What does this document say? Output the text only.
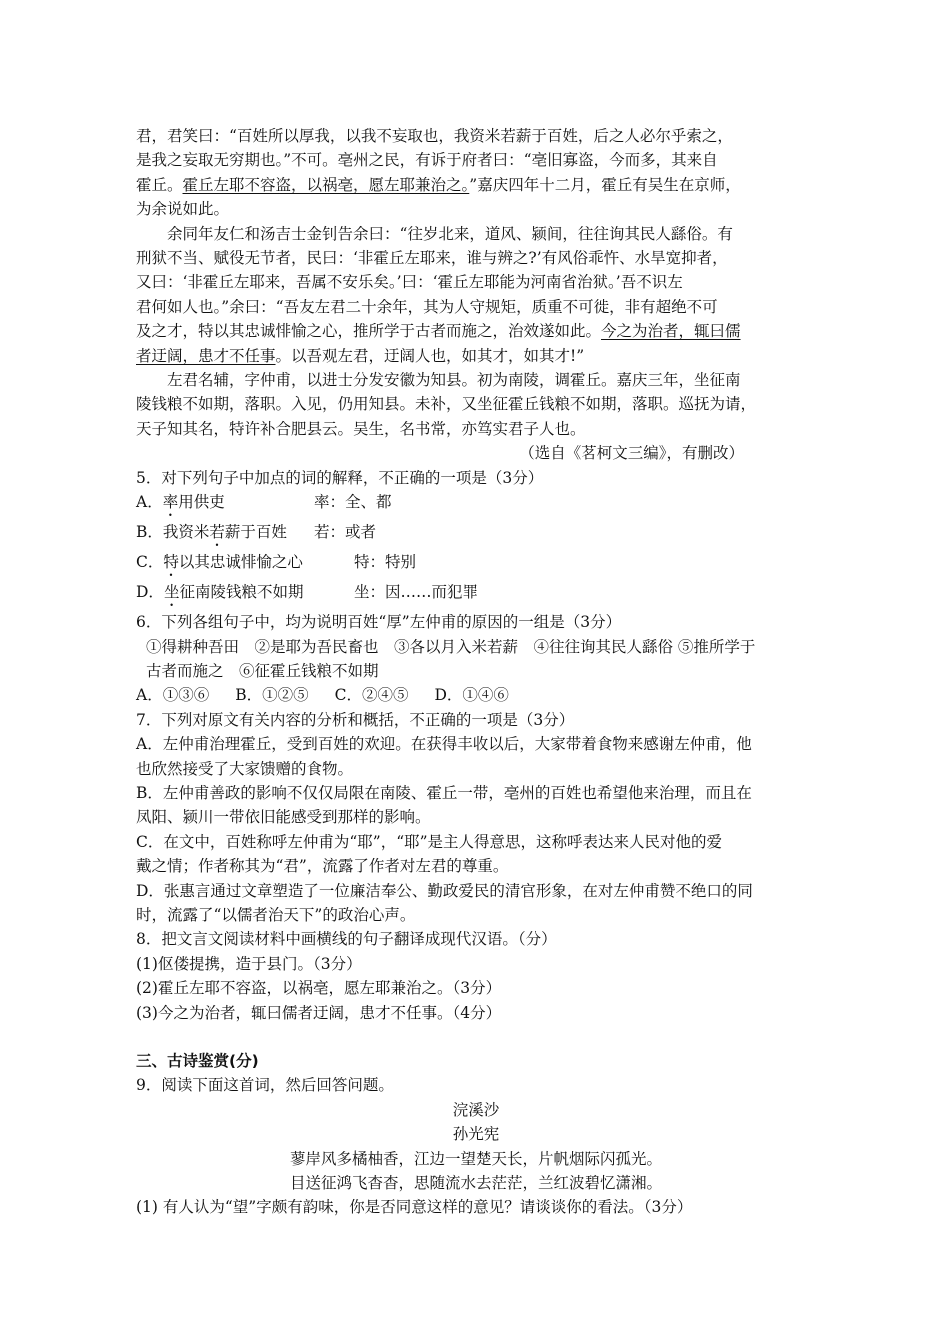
君，君笑曰：“百姓所以厚我，以我不妄取也，我资米若薪于百姓，后之人必尔乎索之，

是我之妄取无穷期也。”不可。亳州之民，有诉于府者曰：“亳旧寡盗，今而多，其来自

霍丘。霍丘左耶不容盗，以祸亳，愿左耶兼治之。”嘉庆四年十二月，霍丘有吴生在京师，

为余说如此。

余同年友仁和汤吉士金钊告余曰：“往岁北来，道风、颍间，往往询其民人繇俗。有

刑狱不当、赋役无节者，民曰：‘非霍丘左耶来，谁与辨之?’有风俗乖忤、水旱宽抑者，

又曰：‘非霍丘左耶来，吾属不安乐矣。’曰：‘霍丘左耶能为河南省治狱。’吾不识左

君何如人也。”余曰：“吾友左君二十余年，其为人守规矩，质重不可徙，非有超绝不可

及之才，特以其忠诚悱愉之心，推所学于古者而施之，治效遂如此。今之为治者，辄曰儒

者迂阔，患才不任事。以吾观左君，迂阔人也，如其才，如其才!”

左君名辅，字仲甫，以进士分发安徽为知县。初为南陵，调霍丘。嘉庆三年，坐征南

陵钱粮不如期，落职。入见，仍用知县。未补，又坐征霍丘钱粮不如期，落职。巡抚为请，

天子知其名，特许补合肥县云。吴生，名书常，亦笃实君子人也。

（选自《茗柯文三编》，有删改）

5．对下列句子中加点的词的解释，不正确的一项是（3分）

A．率用供吏	率：全、都
B．我资米若薪于百姓	若：或者
C．特以其忠诚悱愉之心	特：特别
D．坐征南陵钱粮不如期	坐：因……而犯罪

6．下列各组句子中，均为说明百姓“厚”左仲甫的原因的一组是（3分）

①得耕种吾田　②是耶为吾民畜也　③各以月入米若薪　④往往询其民人繇俗 ⑤推所学于

古者而施之　⑥征霍丘钱粮不如期

A．①③⑥ B．①②⑤ C．②④⑤ D．①④⑥

7．下列对原文有关内容的分析和概括，不正确的一项是（3分）

A．左仲甫治理霍丘，受到百姓的欢迎。在获得丰收以后，大家带着食物来感谢左仲甫，他

也欣然接受了大家馈赠的食物。

B．左仲甫善政的影响不仅仅局限在南陵、霍丘一带，亳州的百姓也希望他来治理，而且在

凤阳、颍川一带依旧能感受到那样的影响。

C．在文中，百姓称呼左仲甫为“耶”，“耶”是主人得意思，这称呼表达来人民对他的爱

戴之情；作者称其为“君”，流露了作者对左君的尊重。

D．张惠言通过文章塑造了一位廉洁奉公、勤政爱民的清官形象，在对左仲甫赞不绝口的同

时，流露了“以儒者治天下”的政治心声。

8．把文言文阅读材料中画横线的句子翻译成现代汉语。（分）

(1)伛偻提携，造于县门。（3分）

(2)霍丘左耶不容盗，以祸亳，愿左耶兼治之。（3分）

(3)今之为治者，辄曰儒者迂阔，患才不任事。（4分）

三、古诗鉴赏(分)

9．阅读下面这首词，然后回答问题。

浣溪沙

孙光宪

蓼岸风多橘柚香，江边一望楚天长，片帆烟际闪孤光。

目送征鸿飞杳杳，思随流水去茫茫，兰红波碧忆潇湘。

(1) 有人认为“望”字颇有韵味，你是否同意这样的意见？请谈谈你的看法。（3分）
